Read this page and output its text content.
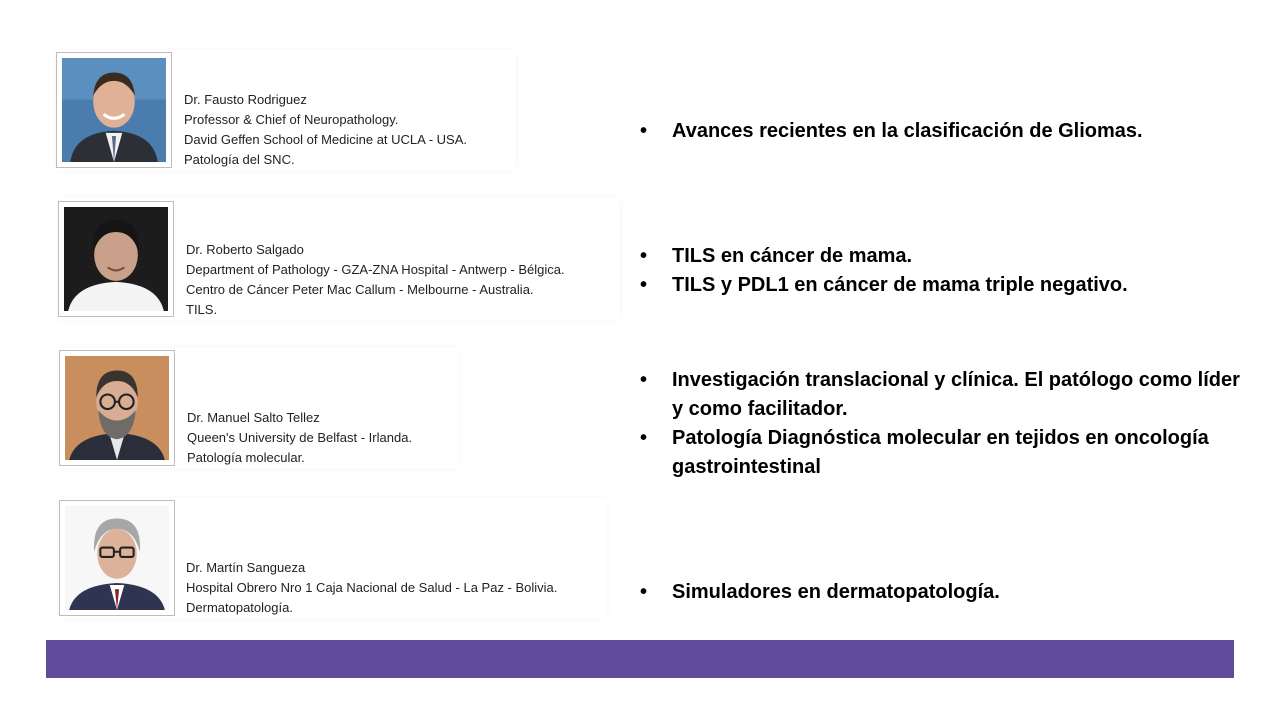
Dr. Fausto Rodriguez
Professor & Chief of Neuropathology.
David Geffen School of Medicine at UCLA - USA.
Patología del SNC.
• Avances recientes en la clasificación de Gliomas.
Dr. Roberto Salgado
Department of Pathology - GZA-ZNA Hospital - Antwerp - Bélgica.
Centro de Cáncer Peter Mac Callum - Melbourne - Australia.
TILS.
• TILS en cáncer de mama.
• TILS y PDL1 en cáncer de mama triple negativo.
Dr. Manuel Salto Tellez
Queen's University de Belfast - Irlanda.
Patología molecular.
• Investigación translacional y clínica. El patólogo como líder y como facilitador.
• Patología Diagnóstica molecular en tejidos en oncología gastrointestinal
Dr. Martín Sangueza
Hospital Obrero Nro 1 Caja Nacional de Salud - La Paz - Bolivia.
Dermatopatología.
• Simuladores en dermatopatología.
